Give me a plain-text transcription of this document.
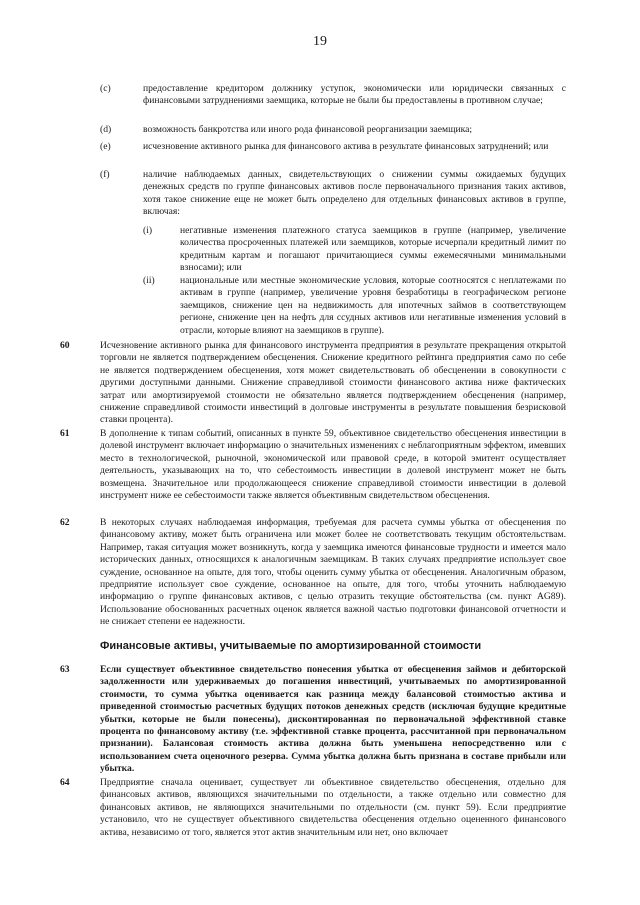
19
(c)	предоставление кредитором должнику уступок, экономически или юридически связанных с финансовыми затруднениями заемщика, которые не были бы предоставлены в противном случае;
(d)	возможность банкротства или иного рода финансовой реорганизации заемщика;
(e)	исчезновение активного рынка для финансового актива в результате финансовых затруднений; или
(f)	наличие наблюдаемых данных, свидетельствующих о снижении суммы ожидаемых будущих денежных средств по группе финансовых активов после первоначального признания таких активов, хотя такое снижение еще не может быть определено для отдельных финансовых активов в группе, включая:
(i)	негативные изменения платежного статуса заемщиков в группе (например, увеличение количества просроченных платежей или заемщиков, которые исчерпали кредитный лимит по кредитным картам и погашают причитающиеся суммы ежемесячными минимальными взносами); или
(ii)	национальные или местные экономические условия, которые соотносятся с неплатежами по активам в группе (например, увеличение уровня безработицы в географическом регионе заемщиков, снижение цен на недвижимость для ипотечных займов в соответствующем регионе, снижение цен на нефть для ссудных активов или негативные изменения условий в отрасли, которые влияют на заемщиков в группе).
60	Исчезновение активного рынка для финансового инструмента предприятия в результате прекращения открытой торговли не является подтверждением обесценения. Снижение кредитного рейтинга предприятия само по себе не является подтверждением обесценения, хотя может свидетельствовать об обесценении в совокупности с другими доступными данными. Снижение справедливой стоимости финансового актива ниже фактических затрат или амортизируемой стоимости не обязательно является подтверждением обесценения (например, снижение справедливой стоимости инвестиций в долговые инструменты в результате повышения безрисковой ставки процента).
61	В дополнение к типам событий, описанных в пункте 59, объективное свидетельство обесценения инвестиции в долевой инструмент включает информацию о значительных изменениях с неблагоприятным эффектом, имевших место в технологической, рыночной, экономической или правовой среде, в которой эмитент осуществляет деятельность, указывающих на то, что себестоимость инвестиции в долевой инструмент может не быть возмещена. Значительное или продолжающееся снижение справедливой стоимости инвестиции в долевой инструмент ниже ее себестоимости также является объективным свидетельством обесценения.
62	В некоторых случаях наблюдаемая информация, требуемая для расчета суммы убытка от обесценения по финансовому активу, может быть ограничена или может более не соответствовать текущим обстоятельствам. Например, такая ситуация может возникнуть, когда у заемщика имеются финансовые трудности и имеется мало исторических данных, относящихся к аналогичным заемщикам. В таких случаях предприятие использует свое суждение, основанное на опыте, для того, чтобы оценить сумму убытка от обесценения. Аналогичным образом, предприятие использует свое суждение, основанное на опыте, для того, чтобы уточнить наблюдаемую информацию о группе финансовых активов, с целью отразить текущие обстоятельства (см. пункт AG89). Использование обоснованных расчетных оценок является важной частью подготовки финансовой отчетности и не снижает степени ее надежности.
Финансовые активы, учитываемые по амортизированной стоимости
63	Если существует объективное свидетельство понесения убытка от обесценения займов и дебиторской задолженности или удерживаемых до погашения инвестиций, учитываемых по амортизированной стоимости, то сумма убытка оценивается как разница между балансовой стоимостью актива и приведенной стоимостью расчетных будущих потоков денежных средств (исключая будущие кредитные убытки, которые не были понесены), дисконтированная по первоначальной эффективной ставке процента по финансовому активу (т.е. эффективной ставке процента, рассчитанной при первоначальном признании). Балансовая стоимость актива должна быть уменьшена непосредственно или с использованием счета оценочного резерва. Сумма убытка должна быть признана в составе прибыли или убытка.
64	Предприятие сначала оценивает, существует ли объективное свидетельство обесценения, отдельно для финансовых активов, являющихся значительными по отдельности, а также отдельно или совместно для финансовых активов, не являющихся значительными по отдельности (см. пункт 59). Если предприятие установило, что не существует объективного свидетельства обесценения отдельно оцененного финансового актива, независимо от того, является этот актив значительным или нет, оно включает
